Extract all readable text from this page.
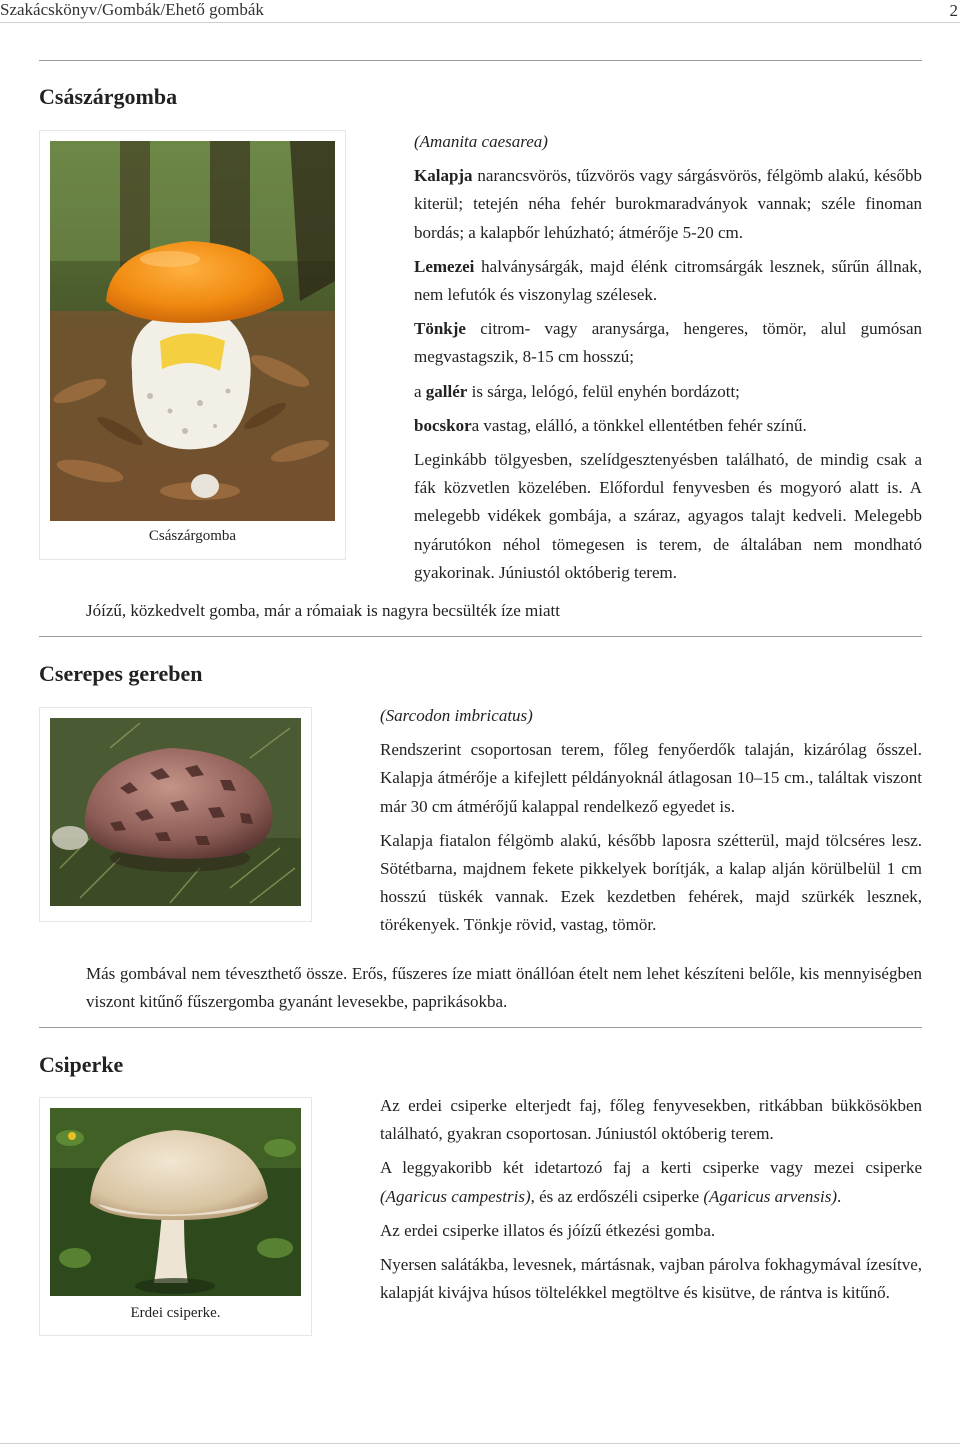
Szakácskönyv/Gombák/Ehető gombák	2
Császárgomba
Császárgomba

(Amanita caesarea)

Kalapja narancsvörös, tűzvörös vagy sárgásvörös, félgömb alakú, később kiterül; tetején néha fehér burokmaradványok vannak; széle finoman bordás; a kalapbőr lehúzható; átmérője 5-20 cm.

Lemezei halványsárgák, majd élénk citromsárgák lesznek, sűrűn állnak, nem lefutók és viszonylag szélesek.

Tönkje citrom- vagy aranysárga, hengeres, tömör, alul gumósan megvastagszik, 8-15 cm hosszú;

a gallér is sárga, lelógó, felül enyhén bordázott;

bocskora vastag, elálló, a tönkkel ellentétben fehér színű.

Leginkább tölgyesben, szelídgesztenyésben található, de mindig csak a fák közvetlen közelében. Előfordul fenyvesben és mogyoró alatt is. A melegebb vidékek gombája, a száraz, agyagos talajt kedveli. Melegebb nyárutókon néhol tömegesen is terem, de általában nem mondható gyakorinak. Júniustól októberig terem.

Jóízű, közkedvelt gomba, már a rómaiak is nagyra becsülték íze miatt

Cserepes gereben

(Sarcodon imbricatus)

Rendszerint csoportosan terem, főleg fenyőerdők talaján, kizárólag ősszel. Kalapja átmérője a kifejlett példányoknál átlagosan 10–15 cm., találtak viszont már 30 cm átmérőjű kalappal rendelkező egyedet is.

Kalapja fiatalon félgömb alakú, később laposra szétterül, majd tölcséres lesz. Sötétbarna, majdnem fekete pikkelyek borítják, a kalap alján körülbelül 1 cm hosszú tüskék vannak. Ezek kezdetben fehérek, majd szürkék lesznek, törékenyek. Tönkje rövid, vastag, tömör.

Más gombával nem téveszthető össze. Erős, fűszeres íze miatt önállóan ételt nem lehet készíteni belőle, kis mennyiségben viszont kitűnő fűszergomba gyanánt levesekbe, paprikásokba.

Csiperke
Erdei csiperke.

Az erdei csiperke elterjedt faj, főleg fenyvesekben, ritkábban bükkösökben található, gyakran csoportosan. Júniustól októberig terem.

A leggyakoribb két idetartozó faj a kerti csiperke vagy mezei csiperke (Agaricus campestris), és az erdőszéli csiperke (Agaricus arvensis).

Az erdei csiperke illatos és jóízű étkezési gomba.

Nyersen salátákba, levesnek, mártásnak, vajban párolva fokhagymával ízesítve, kalapját kivájva húsos töltelékkel megtöltve és kisütve, de rántva is kitűnő.
